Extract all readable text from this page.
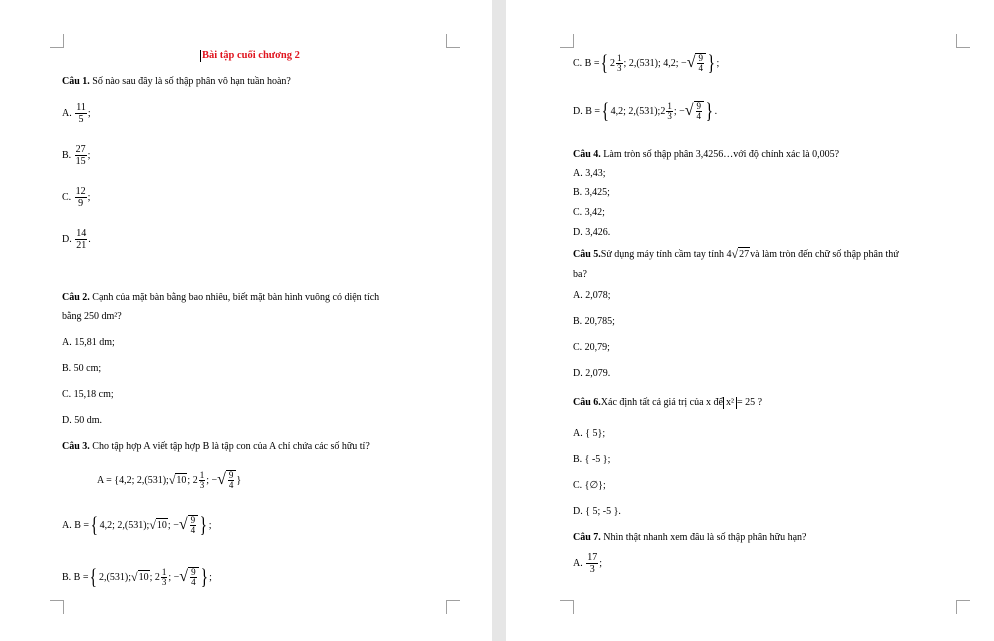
Bài tập cuối chương 2
Câu 1. Số nào sau đây là số thập phân vô hạn tuần hoàn?
A.
$\frac{11}{5}$ ;
B.
$\frac{27}{15}$ ;
C.
$\frac{12}{9}$ ;
D.
$\frac{14}{21}$ .
Câu 2. Cạnh của mặt bàn bằng bao nhiêu, biết mặt bàn hình vuông có diện tích
bằng 250 dm²?
A. 15,81 dm;
B. 50 cm;
C. 15,18 cm;
D. 50 dm.
Câu 3. Cho tập hợp A viết tập hợp B là tập con của A chỉ chứa các số hữu tỉ?
A = {4,2; 2,(531); √ 10 ;
$2 \frac{1}{3}$ ;
− √ $\frac{9}{4}$ }
A.
B = { 4,2; 2,(531); √ 10 ;
− √ $\frac{9}{4}$ } ;
B.
B = { 2,(531); √ 10 ;
$2 \frac{1}{3}$ ;
− √ $\frac{9}{4}$ } ;
C.
B = { $2 \frac{1}{3}$ ; 2,(531); 4,2; − √ $\frac{9}{4}$ } ;
D.
B = { 4,2; 2,(531); $2 \frac{1}{3}$ ;
− √ $\frac{9}{4}$ } .
Câu 4. Làm tròn số thập phân 3,4256…với độ chính xác là 0,005?
A. 3,43;
B. 3,425;
C. 3,42;
D. 3,426.
Câu 5. Sử dụng máy tính cầm tay tính 4 √ 27 và làm tròn đến chữ số thập phân thứ
ba?
A. 2,078;
B. 20,785;
C. 20,79;
D. 2,079.
Câu 6. Xác định tất cả giá trị của x để x² = 25 ?
A. { 5};
B. { -5 };
C. {∅};
D. { 5; -5 }.
Câu 7. Nhìn thật nhanh xem đâu là số thập phân hữu hạn?
A.
$\frac{17}{3}$ ;
